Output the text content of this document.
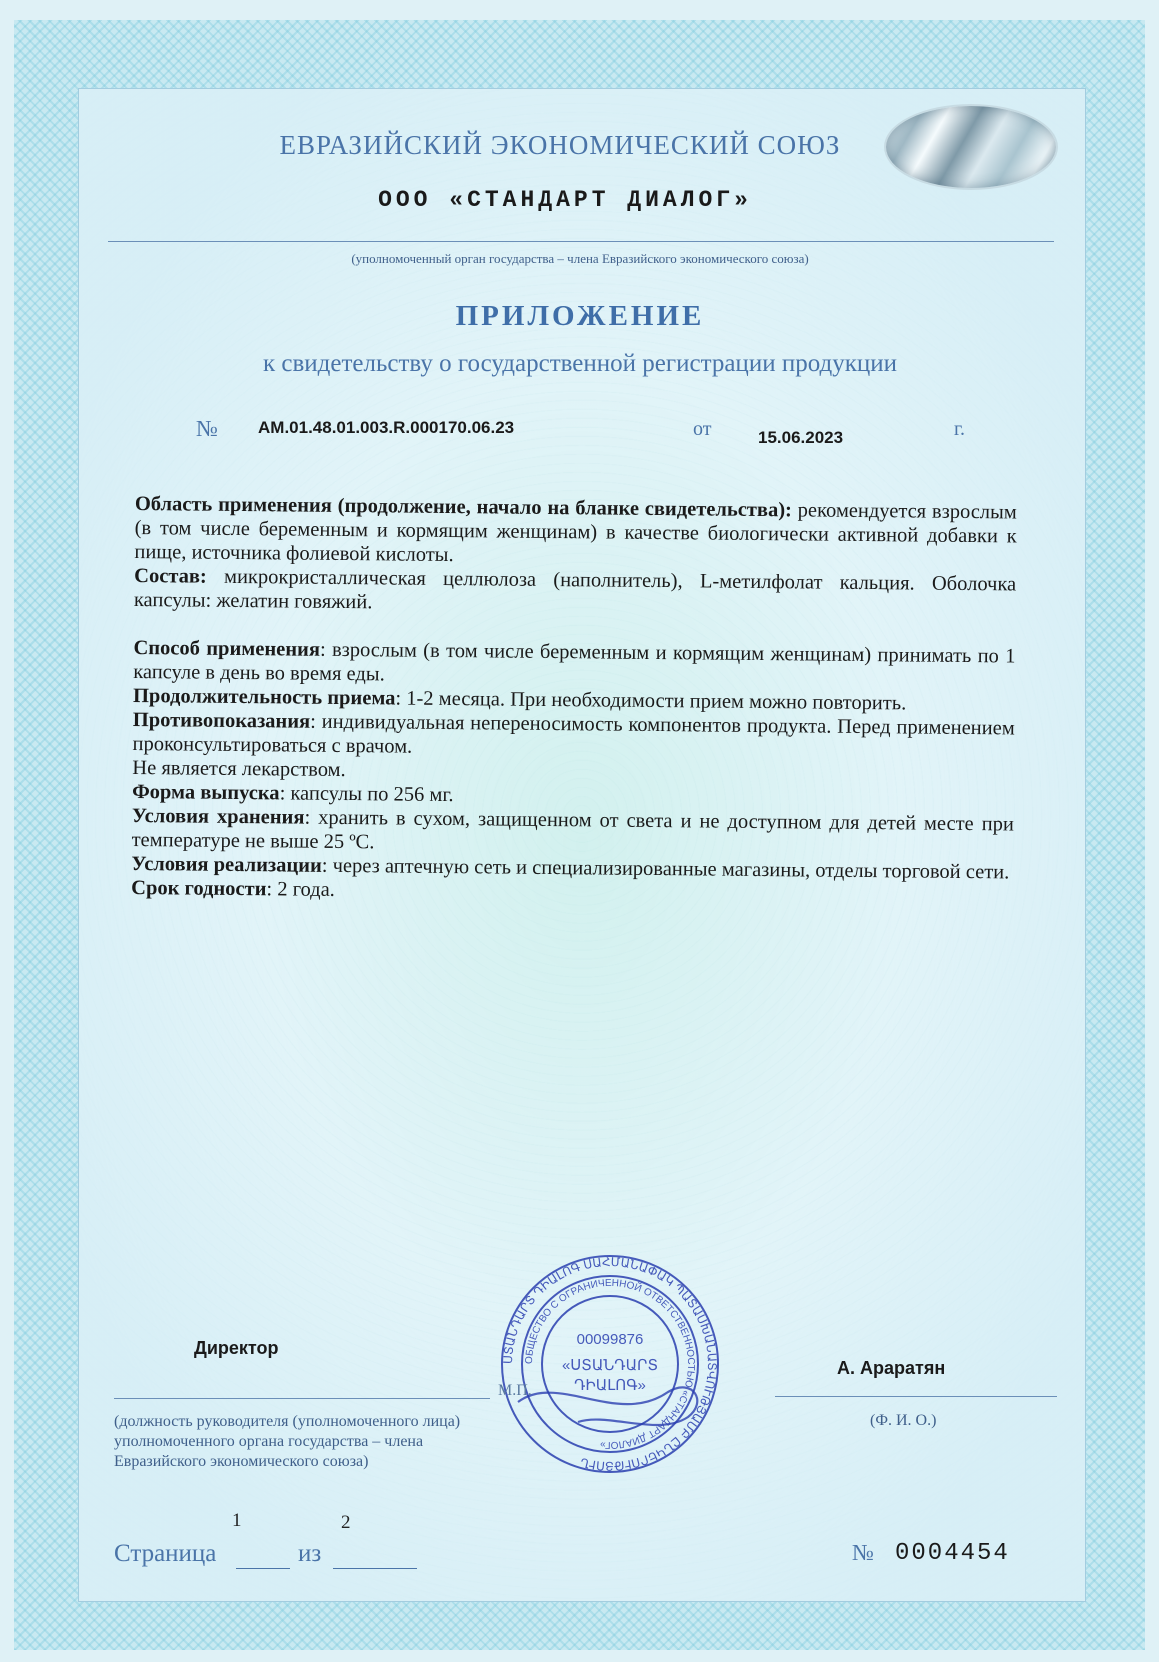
ЕВРАЗИЙСКИЙ ЭКОНОМИЧЕСКИЙ СОЮЗ
ООО «СТАНДАРТ ДИАЛОГ»
(уполномоченный орган государства – члена Евразийского экономического союза)
ПРИЛОЖЕНИЕ
к свидетельству о государственной регистрации продукции
№ AM.01.48.01.003.R.000170.06.23	от	15.06.2023	г.

Область применения (продолжение, начало на бланке свидетельства): рекомендуется взрослым (в том числе беременным и кормящим женщинам) в качестве биологически активной добавки к пище, источника фолиевой кислоты.

Состав: микрокристаллическая целлюлоза (наполнитель), L-метилфолат кальция. Оболочка капсулы: желатин говяжий.

Способ применения: взрослым (в том числе беременным и кормящим женщинам) принимать по 1 капсуле в день во время еды.

Продолжительность приема: 1-2 месяца. При необходимости прием можно повторить.

Противопоказания: индивидуальная непереносимость компонентов продукта. Перед применением проконсультироваться с врачом.

Не является лекарством.

Форма выпуска: капсулы по 256 мг.

Условия хранения: хранить в сухом, защищенном от света и не доступном для детей месте при температуре не выше 25 ºС.

Условия реализации: через аптечную сеть и специализированные магазины, отделы торговой сети.

Срок годности: 2 года.

ՍՏԱՆԴԱՐՏ ԴԻԱԼՈԳ ՍԱՀՄԱՆԱՓԱԿ ՊԱՏԱՍԽԱՆԱՏՎՈՒԹՅԱՄԲ ԸՆԿԵՐՈՒԹՅՈՒՆ
ОБЩЕСТВО С ОГРАНИЧЕННОЙ ОТВЕТСТВЕННОСТЬЮ «СТАНДАРТ ДИАЛОГ»
00099876
«ՍՏԱՆԴԱՐՏ
ԴԻԱԼՈԳ»
Директор
М.П.
А. Араратян
(должность руководителя (уполномоченного лица) уполномоченного органа государства – члена Евразийского экономического союза)
(Ф. И. О.)
1	2
Страница	из	№ 0004454
